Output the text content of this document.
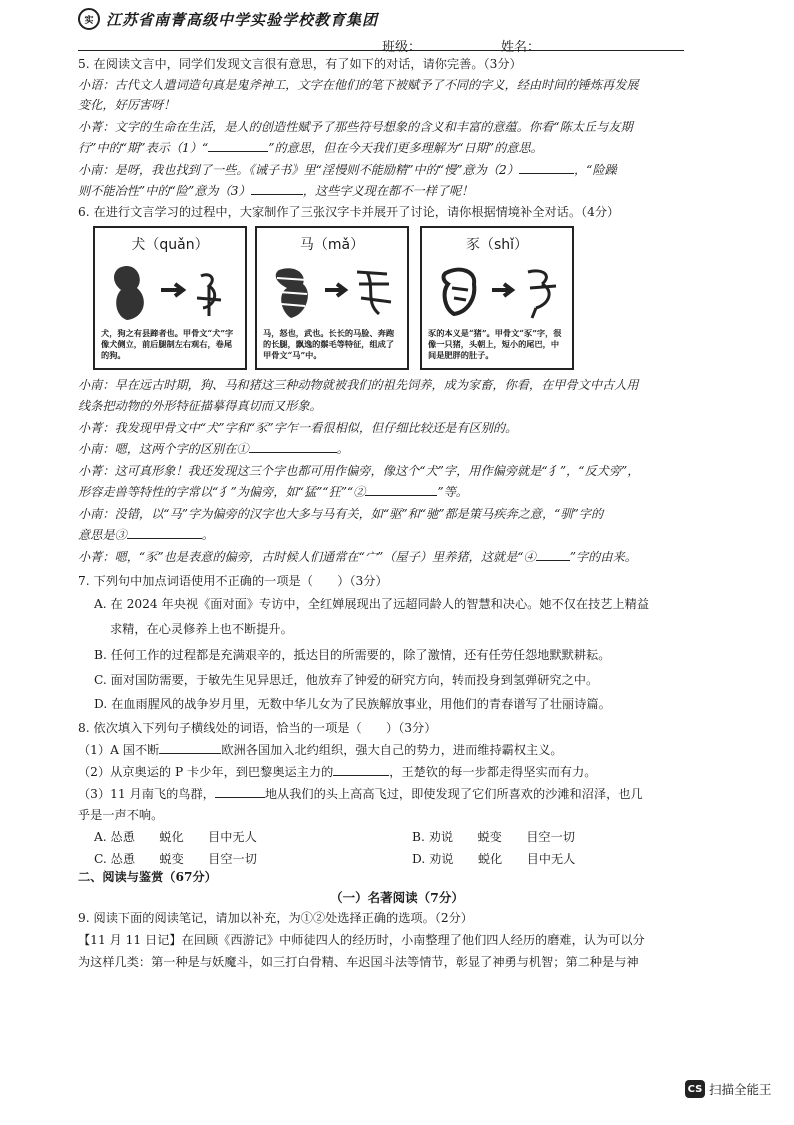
实 江苏省南菁高级中学实验学校教育集团
班级：	姓名：
5. 在阅读文言中，同学们发现文言很有意思，有了如下的对话，请你完善。（3分）
小语：古代文人遣词造句真是鬼斧神工，文字在他们的笔下被赋予了不同的字义，经由时间的锤炼再发展
变化，好厉害呀！
小菁：文字的生命在生活，是人的创造性赋予了那些符号想象的含义和丰富的意蕴。你看“陈太丘与友期
行”中的“期”表示（1）“	”的意思，但在今天我们更多理解为“日期”的意思。
小南：是呀，我也找到了一些。《诫子书》里“淫慢则不能励精”中的“慢”意为（2）	，“险躁
则不能冶性”中的“险”意为（3）	，这些字义现在都不一样了呢！
6. 在进行文言学习的过程中，大家制作了三张汉字卡并展开了讨论，请你根据情境补全对话。（4分）
犬（quǎn）
犬，狗之有县蹄者也。甲骨文“犬”字像犬侧立，前后腿制左右观右，卷尾的狗。
马（mǎ）
马，怒也，武也。长长的马脸、奔跑的长腿，飘逸的鬃毛等特征，组成了甲骨文“马”中。
豕（shǐ）
豕的本义是“猪”。甲骨文“豕”字，很像一只猪，头朝上，短小的尾巴，中间是肥胖的肚子。
小南：早在远古时期，狗、马和猪这三种动物就被我们的祖先饲养，成为家畜，你看，在甲骨文中古人用
线条把动物的外形特征描摹得真切而又形象。
小菁：我发现甲骨文中“犬”字和“豕”字乍一看很相似，但仔细比较还是有区别的。
小南：嗯，这两个字的区别在①	。
小菁：这可真形象！我还发现这三个字也都可用作偏旁，像这个“犬”字，用作偏旁就是“犭”，“反犬旁”，
形容走兽等特性的字常以“犭”为偏旁，如“猛”“狂”“②	”等。
小南：没错，以“马”字为偏旁的汉字也大多与马有关，如“驱”和“驰”都是策马疾奔之意，“驯”字的
意思是③	。
小菁：嗯，“豕”也是表意的偏旁，古时候人们通常在“宀”（屋子）里养猪，这就是“④	”字的由来。
7. 下列句中加点词语使用不正确的一项是（　　）（3分）
A. 在 2024 年央视《面对面》专访中，全红婵展现出了远超同龄人的智慧和决心。她不仅在技艺上精益
求精，在心灵修养上也不断提升。
B. 任何工作的过程都是充满艰辛的，抵达目的所需要的，除了激情，还有任劳任怨地默默耕耘。
C. 面对国防需要，于敏先生见异思迁，他放弃了钟爱的研究方向，转而投身到氢弹研究之中。
D. 在血雨腥风的战争岁月里，无数中华儿女为了民族解放事业，用他们的青春谱写了壮丽诗篇。
8. 依次填入下列句子横线处的词语，恰当的一项是（　　）（3分）
（1）A 国不断	欧洲各国加入北约组织，强大自己的势力，进而维持霸权主义。
（2）从京奥运的 P 卡少年，到巴黎奥运主力的	，王楚钦的每一步都走得坚实而有力。
（3）11 月南飞的鸟群，	地从我们的头上高高飞过，即使发现了它们所喜欢的沙滩和沼泽，也几
乎是一声不响。
A. 怂恿　　蜕化　　目中无人	B. 劝说　　蜕变　　目空一切
C. 怂恿　　蜕变　　目空一切	D. 劝说　　蜕化　　目中无人
二、阅读与鉴赏（67分）
（一）名著阅读（7分）
9. 阅读下面的阅读笔记，请加以补充，为①②处选择正确的选项。（2分）
【11 月 11 日记】在回顾《西游记》中师徒四人的经历时，小南整理了他们四人经历的磨难，认为可以分
为这样几类：第一种是与妖魔斗，如三打白骨精、车迟国斗法等情节，彰显了神勇与机智；第二种是与神
CS 扫描全能王
